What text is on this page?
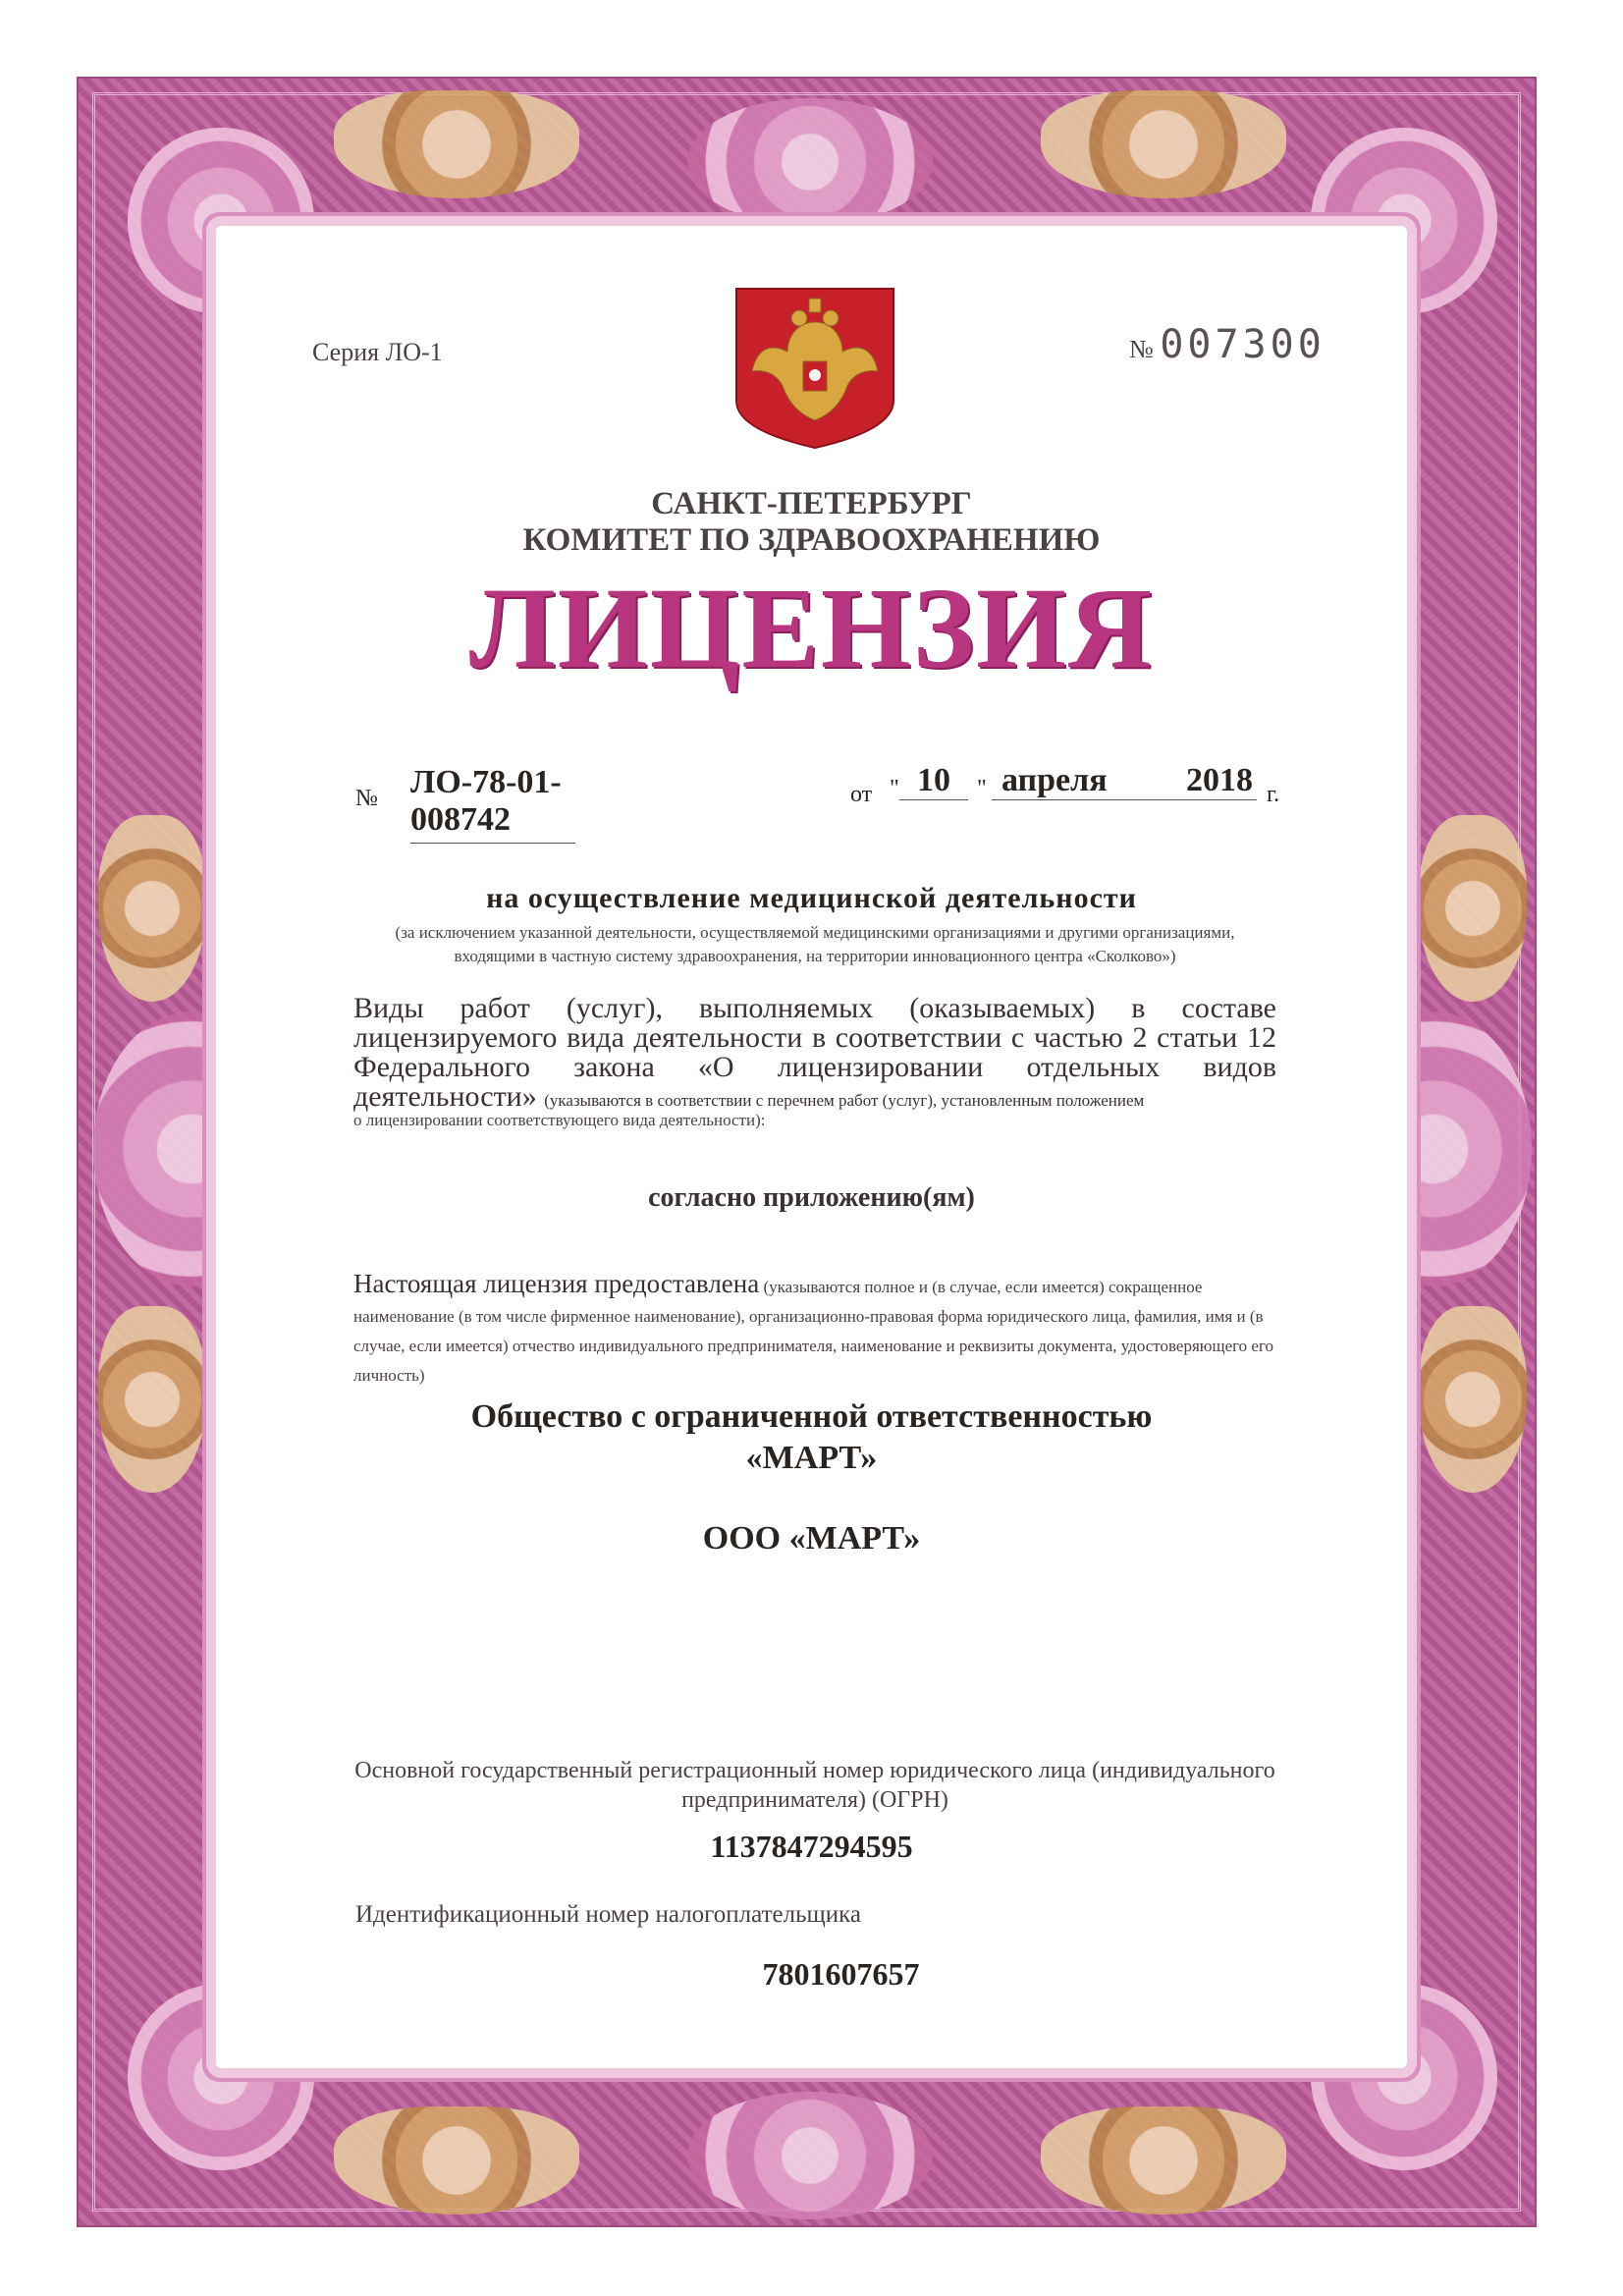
Серия ЛО-1	№ 007300
САНКТ-ПЕТЕРБУРГ
КОМИТЕТ ПО ЗДРАВООХРАНЕНИЮ
ЛИЦЕНЗИЯ
№ ЛО-78-01-008742
от " 10	" апреля 2018 г.
на осуществление медицинской деятельности
(за исключением указанной деятельности, осуществляемой медицинскими организациями и другими организациями, входящими в частную систему здравоохранения, на территории инновационного центра «Сколково»)
Виды работ (услуг), выполняемых (оказываемых) в составе лицензируемого вида деятельности в соответствии с частью 2 статьи 12 Федерального закона «О лицензировании отдельных видов деятельности» (указываются в соответствии с перечнем работ (услуг), установленным положением
о лицензировании соответствующего вида деятельности):
согласно приложению(ям)
Настоящая лицензия предоставлена (указываются полное и (в случае, если имеется) сокращенное наименование (в том числе фирменное наименование), организационно-правовая форма юридического лица, фамилия, имя и (в случае, если имеется) отчество индивидуального предпринимателя, наименование и реквизиты документа, удостоверяющего его личность)
Общество с ограниченной ответственностью
«МАРТ»
ООО «МАРТ»
Основной государственный регистрационный номер юридического лица (индивидуального предпринимателя) (ОГРН)
1137847294595
Идентификационный номер налогоплательщика
7801607657
